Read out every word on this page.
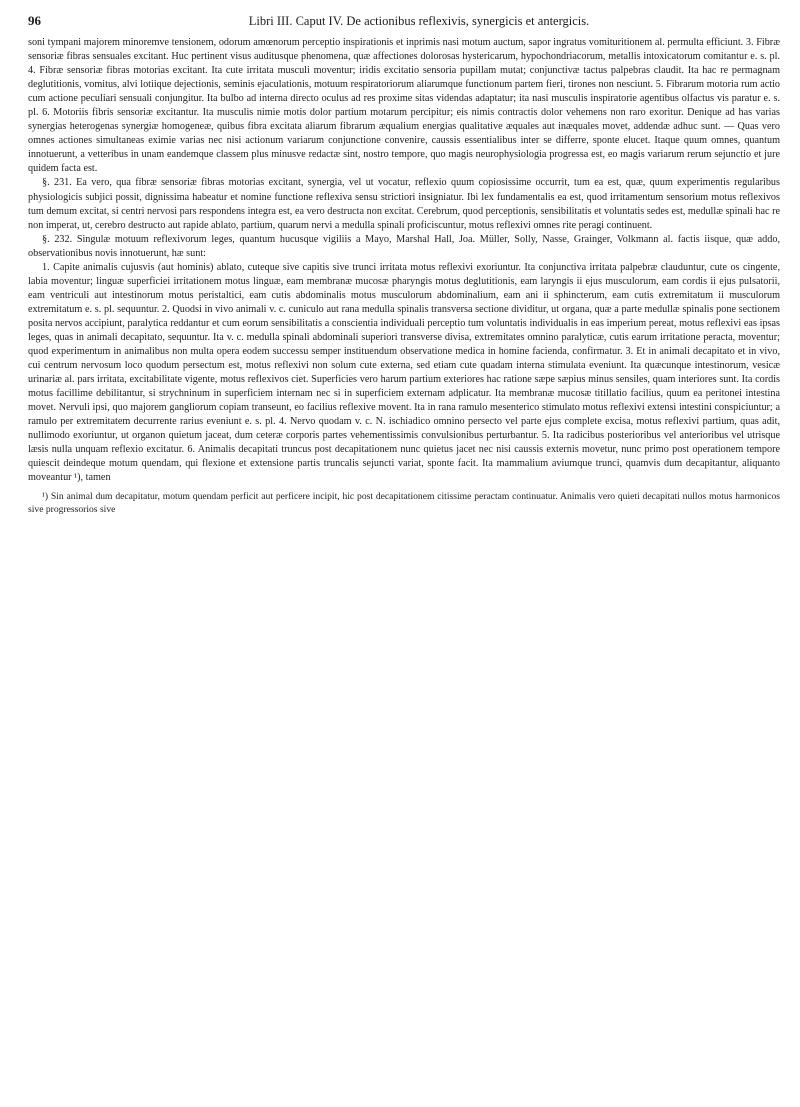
96	Libri III. Caput IV. De actionibus reflexivis, synergicis et antergicis.

soni tympani majorem minoremve tensionem, odorum amœnorum perceptio inspirationis et inprimis nasi motum auctum, sapor ingratus vomituritionem al. permulta efficiunt. 3. Fibræ sensoriæ fibras sensuales excitant. Huc pertinent visus auditusque phenomena, quæ affectiones dolorosas hystericarum, hypochondriacorum, metallis intoxicatorum comitantur e. s. pl. 4. Fibræ sensoriæ fibras motorias excitant. Ita cute irritata musculi moventur; iridis excitatio sensoria pupillam mutat; conjunctivæ tactus palpebras claudit. Ita hac re permagnam deglutitionis, vomitus, alvi lotiique dejectionis, seminis ejaculationis, motuum respiratoriorum aliarumque functionum partem fieri, tirones non nesciunt. 5. Fibrarum motoria rum actio cum actione peculiari sensuali conjungitur. Ita bulbo ad interna directo oculus ad res proxime sitas videndas adaptatur; ita nasi musculis inspiratorie agentibus olfactus vis paratur e. s. pl. 6. Motoriis fibris sensoriæ excitantur. Ita musculis nimie motis dolor partium motarum percipitur; eis nimis contractis dolor vehemens non raro exoritur. Denique ad has varias synergias heterogenas synergiæ homogeneæ, quibus fibra excitata aliarum fibrarum æqualium energias qualitative æquales aut inæquales movet, addendæ adhuc sunt. — Quas vero omnes actiones simultaneas eximie varias nec nisi actionum variarum conjunctione convenire, caussis essentialibus inter se differre, sponte elucet. Itaque quum omnes, quantum innotuerunt, a vetteribus in unam eandemque classem plus minusve redactæ sint, nostro tempore, quo magis neurophysiologia progressa est, eo magis variarum rerum sejunctio et jure quidem facta est.

§. 231. Ea vero, qua fibræ sensoriæ fibras motorias excitant, synergia, vel ut vocatur, reflexio quum copiosissime occurrit, tum ea est, quæ, quum experimentis regularibus physiologicis subjici possit, dignissima habeatur et nomine functione reflexiva sensu strictiori insigniatur. Ibi lex fundamentalis ea est, quod irritamentum sensorium motus reflexivos tum demum excitat, si centri nervosi pars respondens integra est, ea vero destructa non excitat. Cerebrum, quod perceptionis, sensibilitatis et voluntatis sedes est, medullæ spinali hac re non imperat, ut, cerebro destructo aut rapide ablato, partium, quarum nervi a medulla spinali proficiscuntur, motus reflexivi omnes rite peragi continuent.

§. 232. Singulæ motuum reflexivorum leges, quantum hucusque vigiliis a Mayo, Marshal Hall, Joa. Müller, Solly, Nasse, Grainger, Volkmann al. factis iisque, quæ addo, observationibus novis innotuerunt, hæ sunt:

1. Capite animalis cujusvis (aut hominis) ablato, cuteque sive capitis sive trunci irritata motus reflexivi exoriuntur. Ita conjunctiva irritata palpebræ clauduntur, cute os cingente, labia moventur; linguæ superficiei irritationem motus linguæ, eam membranæ mucosæ pharyngis motus deglutitionis, eam laryngis ii ejus musculorum, eam cordis ii ejus pulsatorii, eam ventriculi aut intestinorum motus peristaltici, eam cutis abdominalis motus musculorum abdominalium, eam ani ii sphincterum, eam cutis extremitatum ii musculorum extremitatum e. s. pl. sequuntur. 2. Quodsi in vivo animali v. c. cuniculo aut rana medulla spinalis transversa sectione dividitur, ut organa, quæ a parte medullæ spinalis pone sectionem posita nervos accipiunt, paralytica reddantur et cum eorum sensibilitatis a conscientia individuali perceptio tum voluntatis individualis in eas imperium pereat, motus reflexivi eas ipsas leges, quas in animali decapitato, sequuntur. Ita v. c. medulla spinali abdominali superiori transverse divisa, extremitates omnino paralyticæ, cutis earum irritatione peracta, moventur; quod experimentum in animalibus non multa opera eodem successu semper instituendum observatione medica in homine facienda, confirmatur. 3. Et in animali decapitato et in vivo, cui centrum nervosum loco quodum persectum est, motus reflexivi non solum cute externa, sed etiam cute quadam interna stimulata eveniunt. Ita quæcunque intestinorum, vesicæ urinariæ al. pars irritata, excitabilitate vigente, motus reflexivos ciet. Superficies vero harum partium exteriores hac ratione sæpe sæpius minus sensiles, quam interiores sunt. Ita cordis motus facillime debilitantur, si strychninum in superficiem internam nec si in superficiem externam adplicatur. Ita membranæ mucosæ titillatio facilius, quum ea peritonei intestina movet. Nervuli ipsi, quo majorem gangliorum copiam transeunt, eo facilius reflexive movent. Ita in rana ramulo mesenterico stimulato motus reflexivi extensi intestini conspiciuntur; a ramulo per extremitatem decurrente rarius eveniunt e. s. pl. 4. Nervo quodam v. c. N. ischiadico omnino persecto vel parte ejus complete excisa, motus reflexivi partium, quas adit, nullimodo exoriuntur, ut organon quietum jaceat, dum ceteræ corporis partes vehementissimis convulsionibus perturbantur. 5. Ita radicibus posterioribus vel anterioribus vel utrisque læsis nulla unquam reflexio excitatur. 6. Animalis decapitati truncus post decapitationem nunc quietus jacet nec nisi caussis externis movetur, nunc primo post operationem tempore quiescit deindeque motum quendam, qui flexione et extensione partis truncalis sejuncti variat, sponte facit. Ita mammalium aviumque trunci, quamvis dum decapitantur, aliquanto moveantur ¹), tamen

¹) Sin animal dum decapitatur, motum quendam perficit aut perficere incipit, hic post decapitationem citissime peractam continuatur. Animalis vero quieti decapitati nullos motus harmonicos sive progressorios sive
